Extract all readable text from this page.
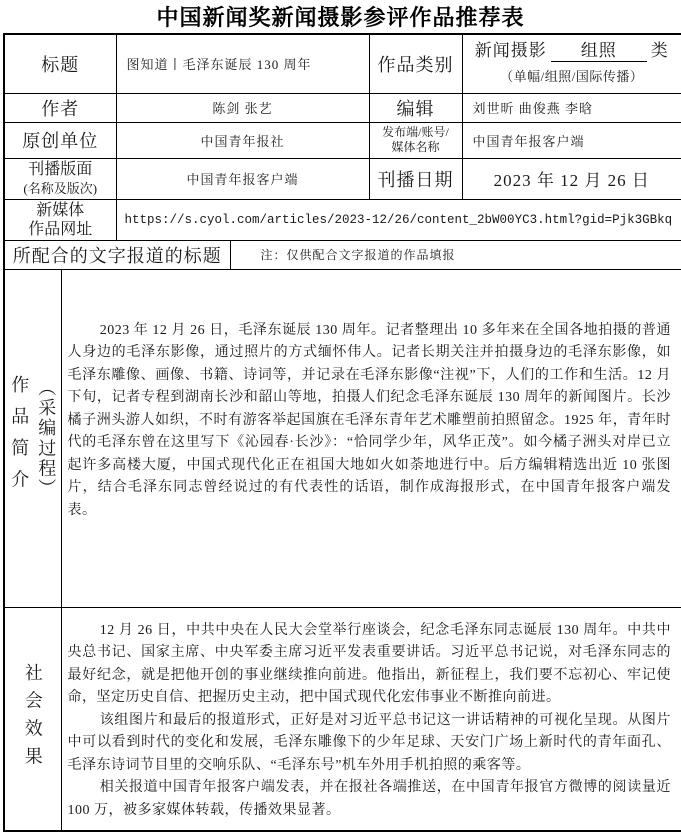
中国新闻奖新闻摄影参评作品推荐表
标题		图知道丨毛泽东诞辰 130 周年		作品类别	新闻摄影 组照 类
（单幅/组照/国际传播）

作者		陈剑 张艺		编辑	刘世昕 曲俊燕 李晗
原创单位		中国青年报社		发布端/账号/
媒体名称	中国青年报客户端

刊播版面
(名称及版次)		中国青年报客户端		刊播日期	2023 年 12 月 26 日

新媒体
作品网址		https://s.cyol.com/articles/2023-12/26/content_2bW00YC3.html?gid=Pjk3GBkq			
所配合的文字报道的标题			注：仅供配合文字报道的作品填报		

作品简介 （采编过程）	2023 年 12 月 26 日，毛泽东诞辰 130 周年。记者整理出 10 多年来在全国各地拍摄的普通人身边的毛泽东影像，通过照片的方式缅怀伟人。记者长期关注并拍摄身边的毛泽东影像，如毛泽东雕像、画像、书籍、诗词等，并记录在毛泽东影像“注视”下，人们的工作和生活。12 月下旬，记者专程到湖南长沙和韶山等地，拍摄人们纪念毛泽东诞辰 130 周年的新闻图片。长沙橘子洲头游人如织，不时有游客举起国旗在毛泽东青年艺术雕塑前拍照留念。1925 年，青年时代的毛泽东曾在这里写下《沁园春·长沙》：“恰同学少年，风华正茂”。如今橘子洲头对岸已立起许多高楼大厦，中国式现代化正在祖国大地如火如荼地进行中。后方编辑精选出近 10 张图片，结合毛泽东同志曾经说过的有代表性的话语，制作成海报形式，在中国青年报客户端发表。				

社会效果	12 月 26 日，中共中央在人民大会堂举行座谈会，纪念毛泽东同志诞辰 130 周年。中共中央总书记、国家主席、中央军委主席习近平发表重要讲话。习近平总书记说，对毛泽东同志的最好纪念，就是把他开创的事业继续推向前进。他指出，新征程上，我们要不忘初心、牢记使命，坚定历史自信、把握历史主动，把中国式现代化宏伟事业不断推向前进。

该组图片和最后的报道形式，正好是对习近平总书记这一讲话精神的可视化呈现。从图片中可以看到时代的变化和发展，毛泽东雕像下的少年足球、天安门广场上新时代的青年面孔、毛泽东诗词节目里的交响乐队、“毛泽东号”机车外用手机拍照的乘客等。

相关报道中国青年报客户端发表，并在报社各端推送，在中国青年报官方微博的阅读量近 100 万，被多家媒体转载，传播效果显著。				
